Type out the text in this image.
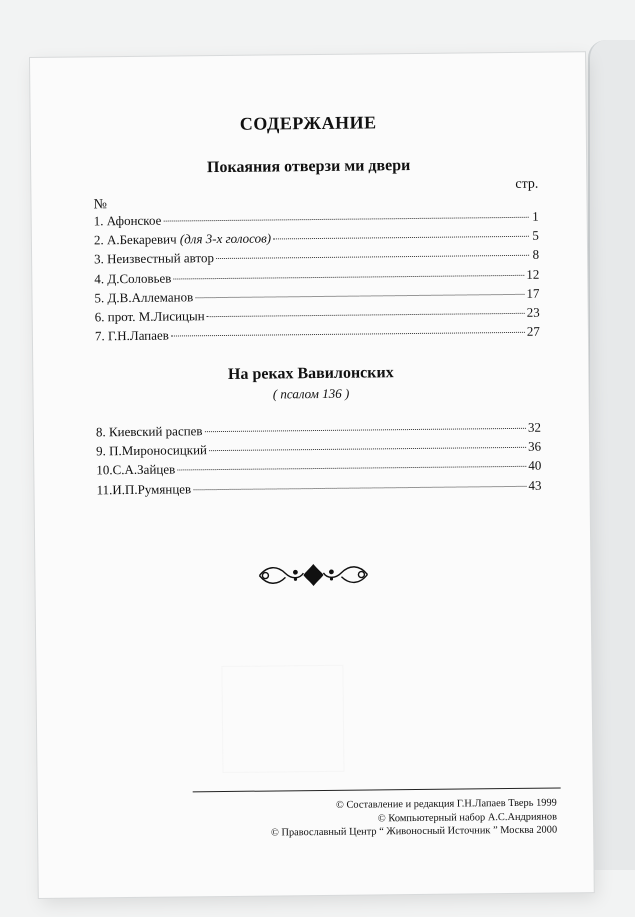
СОДЕРЖАНИЕ
Покаяния отверзи ми двери
стр.
№
1. Афонское	1
2. А.Бекаревич
(для 3-х голосов)	5
3. Неизвестный автор	8
4. Д.Соловьев	12
5. Д.В.Аллеманов	17
6. прот. М.Лисицын	23
7. Г.Н.Лапаев	27
На реках Вавилонских
( псалом 136 )
8. Киевский распев	32
9. П.Мироносицкий	36
10.С.А.Зайцев	40
11.И.П.Румянцев	43
© Составление и редакция Г.Н.Лапаев Тверь 1999
© Компьютерный набор А.С.Андриянов
© Православный Центр “ Живоносный Источник ” Москва 2000
